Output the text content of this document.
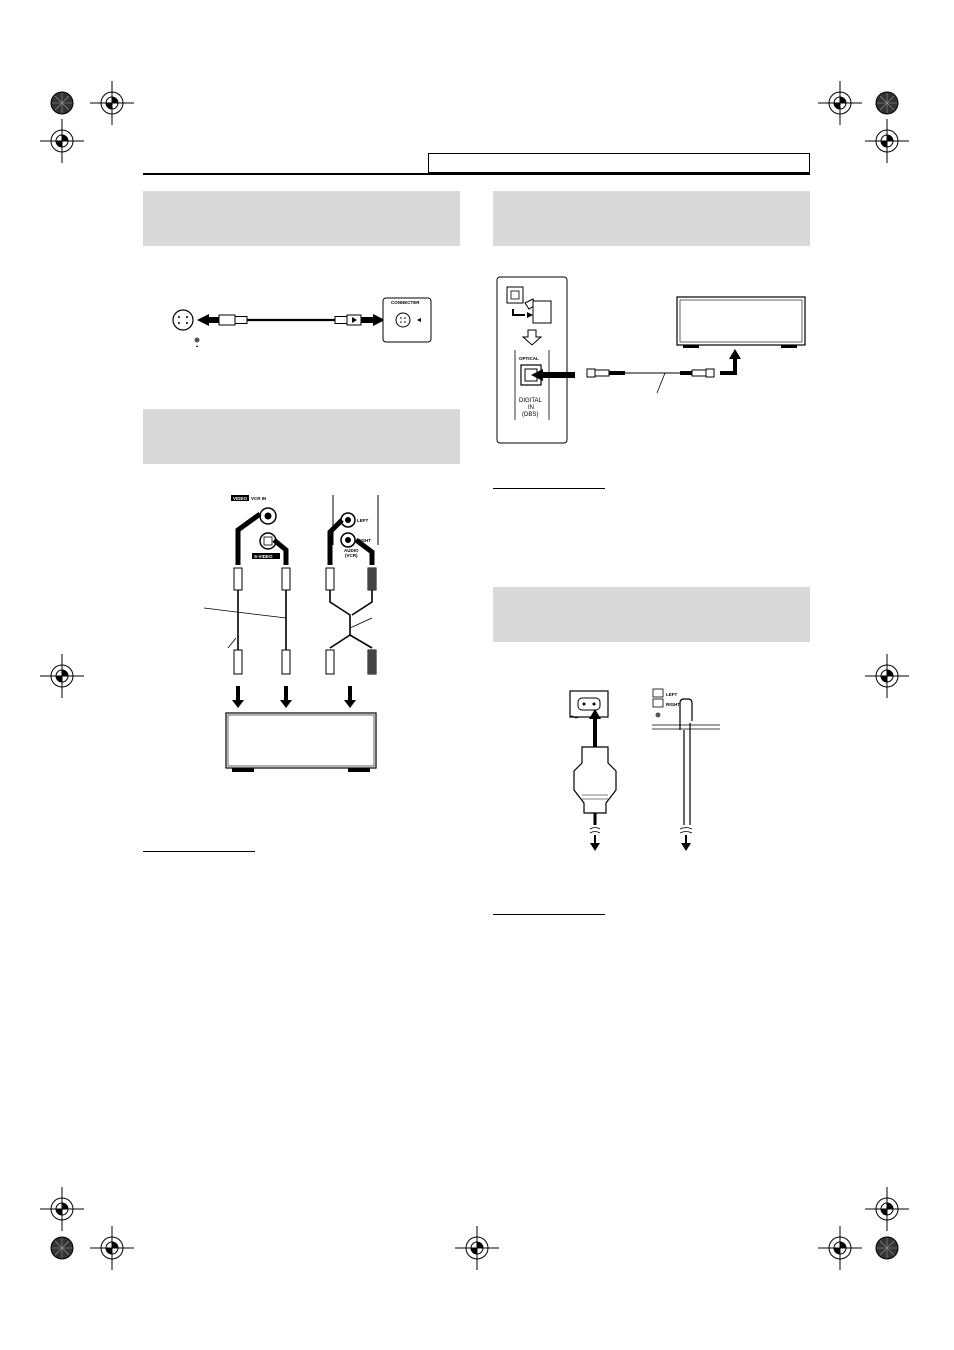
CONNECTER
VIDEO VCR IN
S-VIDEO
LEFT
RIGHT
AUDIO
(VCR)
OPTICAL
DIGITAL
IN
(DBS)
LEFT
RIGHT
